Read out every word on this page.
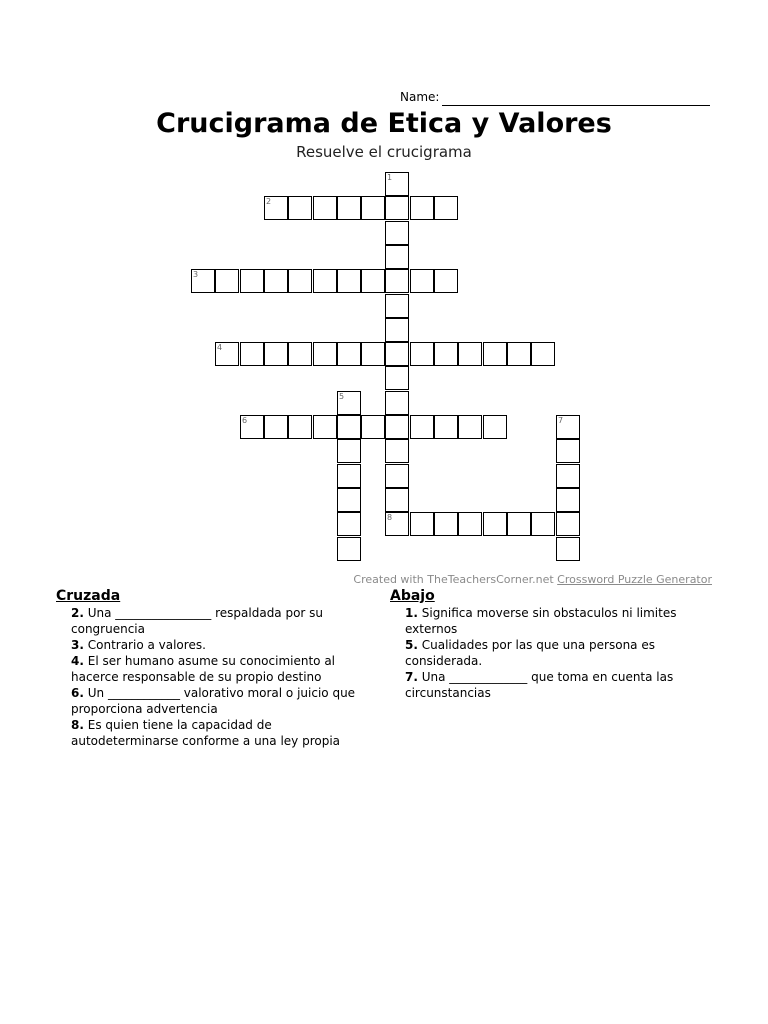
Name:
Crucigrama de Etica y Valores
Resuelve el crucigrama
1
8
2
3
4
5
6	7
Created with TheTeachersCorner.net Crossword Puzzle Generator
Cruzada
2. Una ________________ respaldada por su congruencia
3. Contrario a valores.
4. El ser humano asume su conocimiento al hacerce responsable de su propio destino
6. Un ____________ valorativo moral o juicio que proporciona advertencia
8. Es quien tiene la capacidad de autodeterminarse conforme a una ley propia
Abajo
1. Significa moverse sin obstaculos ni limites externos
5. Cualidades por las que una persona es considerada.
7. Una _____________ que toma en cuenta las circunstancias
